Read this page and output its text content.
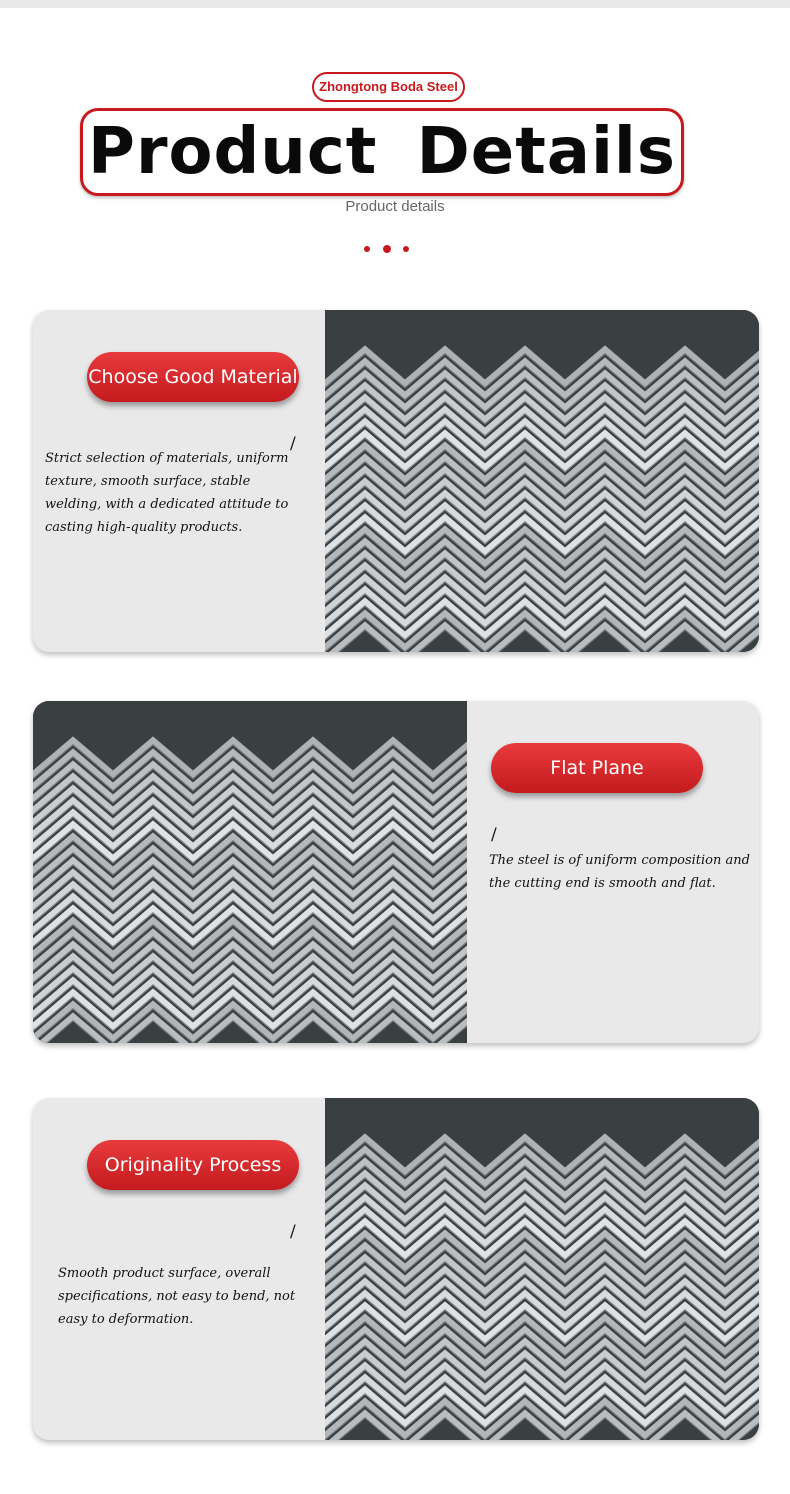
Zhongtong Boda Steel
Product Details
Product details
Choose Good Material
/
Strict selection of materials, uniform texture, smooth surface, stable welding, with a dedicated attitude to casting high-quality products.
Flat Plane
/
The steel is of uniform composition and the cutting end is smooth and flat.
Originality Process
/
Smooth product surface, overall specifications, not easy to bend, not easy to deformation.
